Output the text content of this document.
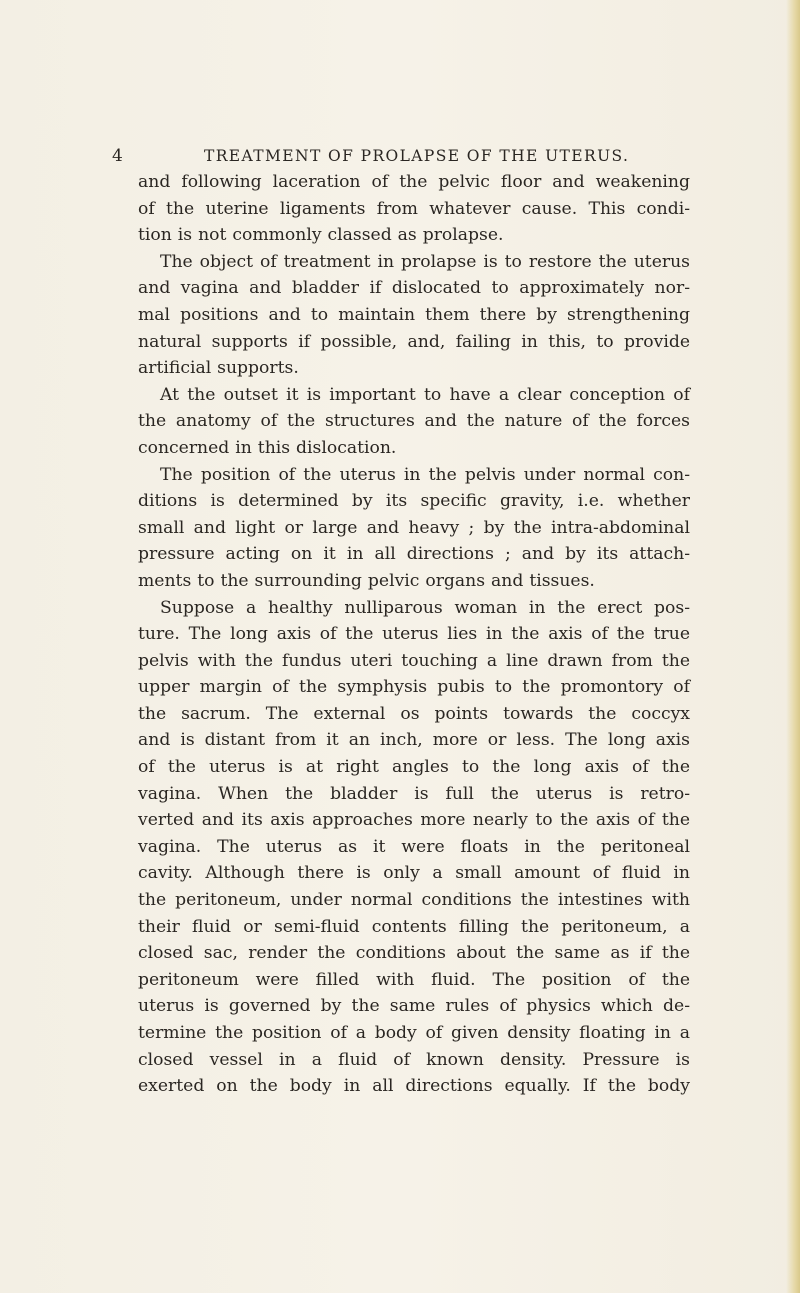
4	TREATMENT OF PROLAPSE OF THE UTERUS.
and following laceration of the pelvic floor and weakening
of the uterine ligaments from whatever cause. This condi-
tion is not commonly classed as prolapse.
The object of treatment in prolapse is to restore the uterus
and vagina and bladder if dislocated to approximately nor-
mal positions and to maintain them there by strengthening
natural supports if possible, and, failing in this, to provide
artificial supports.
At the outset it is important to have a clear conception of
the anatomy of the structures and the nature of the forces
concerned in this dislocation.
The position of the uterus in the pelvis under normal con-
ditions is determined by its specific gravity, i.e. whether
small and light or large and heavy ; by the intra-abdominal
pressure acting on it in all directions ; and by its attach-
ments to the surrounding pelvic organs and tissues.
Suppose a healthy nulliparous woman in the erect pos-
ture. The long axis of the uterus lies in the axis of the true
pelvis with the fundus uteri touching a line drawn from the
upper margin of the symphysis pubis to the promontory of
the sacrum. The external os points towards the coccyx
and is distant from it an inch, more or less. The long axis
of the uterus is at right angles to the long axis of the
vagina. When the bladder is full the uterus is retro-
verted and its axis approaches more nearly to the axis of the
vagina. The uterus as it were floats in the peritoneal
cavity. Although there is only a small amount of fluid in
the peritoneum, under normal conditions the intestines with
their fluid or semi-fluid contents filling the peritoneum, a
closed sac, render the conditions about the same as if the
peritoneum were filled with fluid. The position of the
uterus is governed by the same rules of physics which de-
termine the position of a body of given density floating in a
closed vessel in a fluid of known density. Pressure is
exerted on the body in all directions equally. If the body
